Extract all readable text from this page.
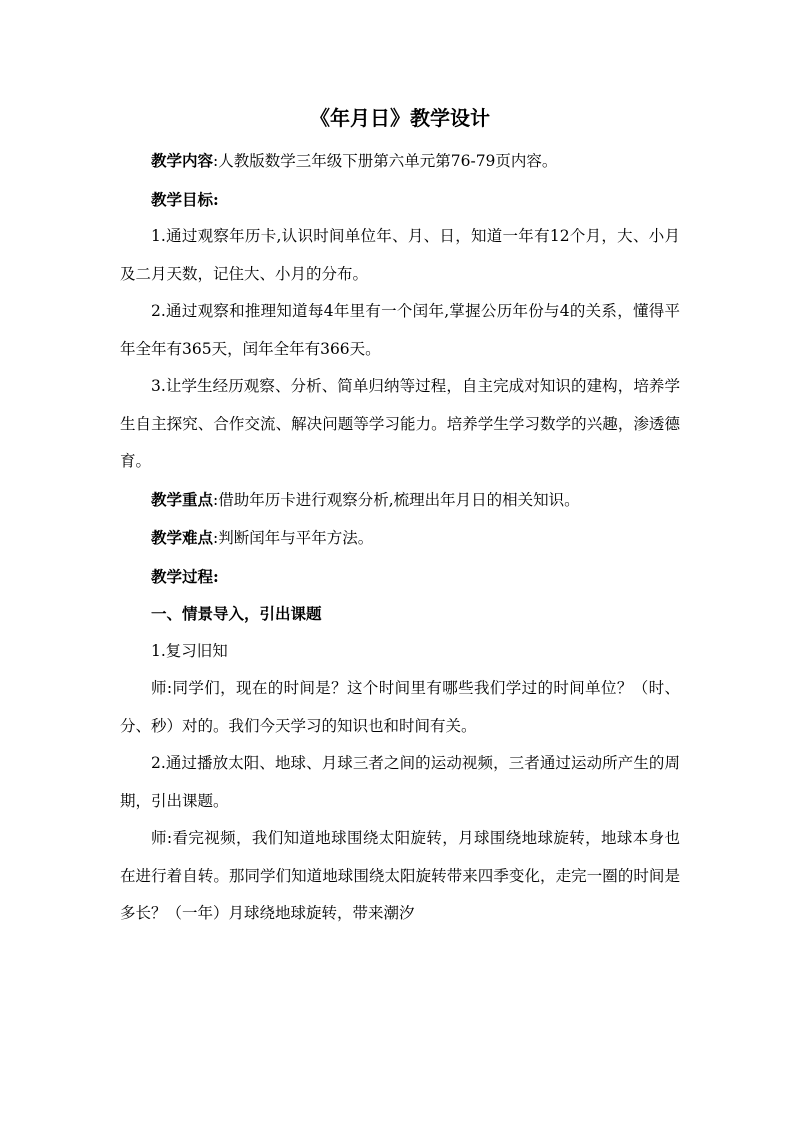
《年月日》教学设计

教学内容:人教版数学三年级下册第六单元第76-79页内容。

教学目标:

1.通过观察年历卡,认识时间单位年、月、日，知道一年有12个月，大、小月及二月天数，记住大、小月的分布。

2.通过观察和推理知道每4年里有一个闰年,掌握公历年份与4的关系，懂得平年全年有365天，闰年全年有366天。

3.让学生经历观察、分析、简单归纳等过程，自主完成对知识的建构，培养学生自主探究、合作交流、解决问题等学习能力。培养学生学习数学的兴趣，渗透德育。

教学重点:借助年历卡进行观察分析,梳理出年月日的相关知识。

教学难点:判断闰年与平年方法。

教学过程:

一、情景导入，引出课题

1.复习旧知

师:同学们，现在的时间是？这个时间里有哪些我们学过的时间单位？（时、分、秒）对的。我们今天学习的知识也和时间有关。

2.通过播放太阳、地球、月球三者之间的运动视频，三者通过运动所产生的周期，引出课题。

师:看完视频，我们知道地球围绕太阳旋转，月球围绕地球旋转，地球本身也在进行着自转。那同学们知道地球围绕太阳旋转带来四季变化，走完一圈的时间是多长？（一年）月球绕地球旋转，带来潮汐
